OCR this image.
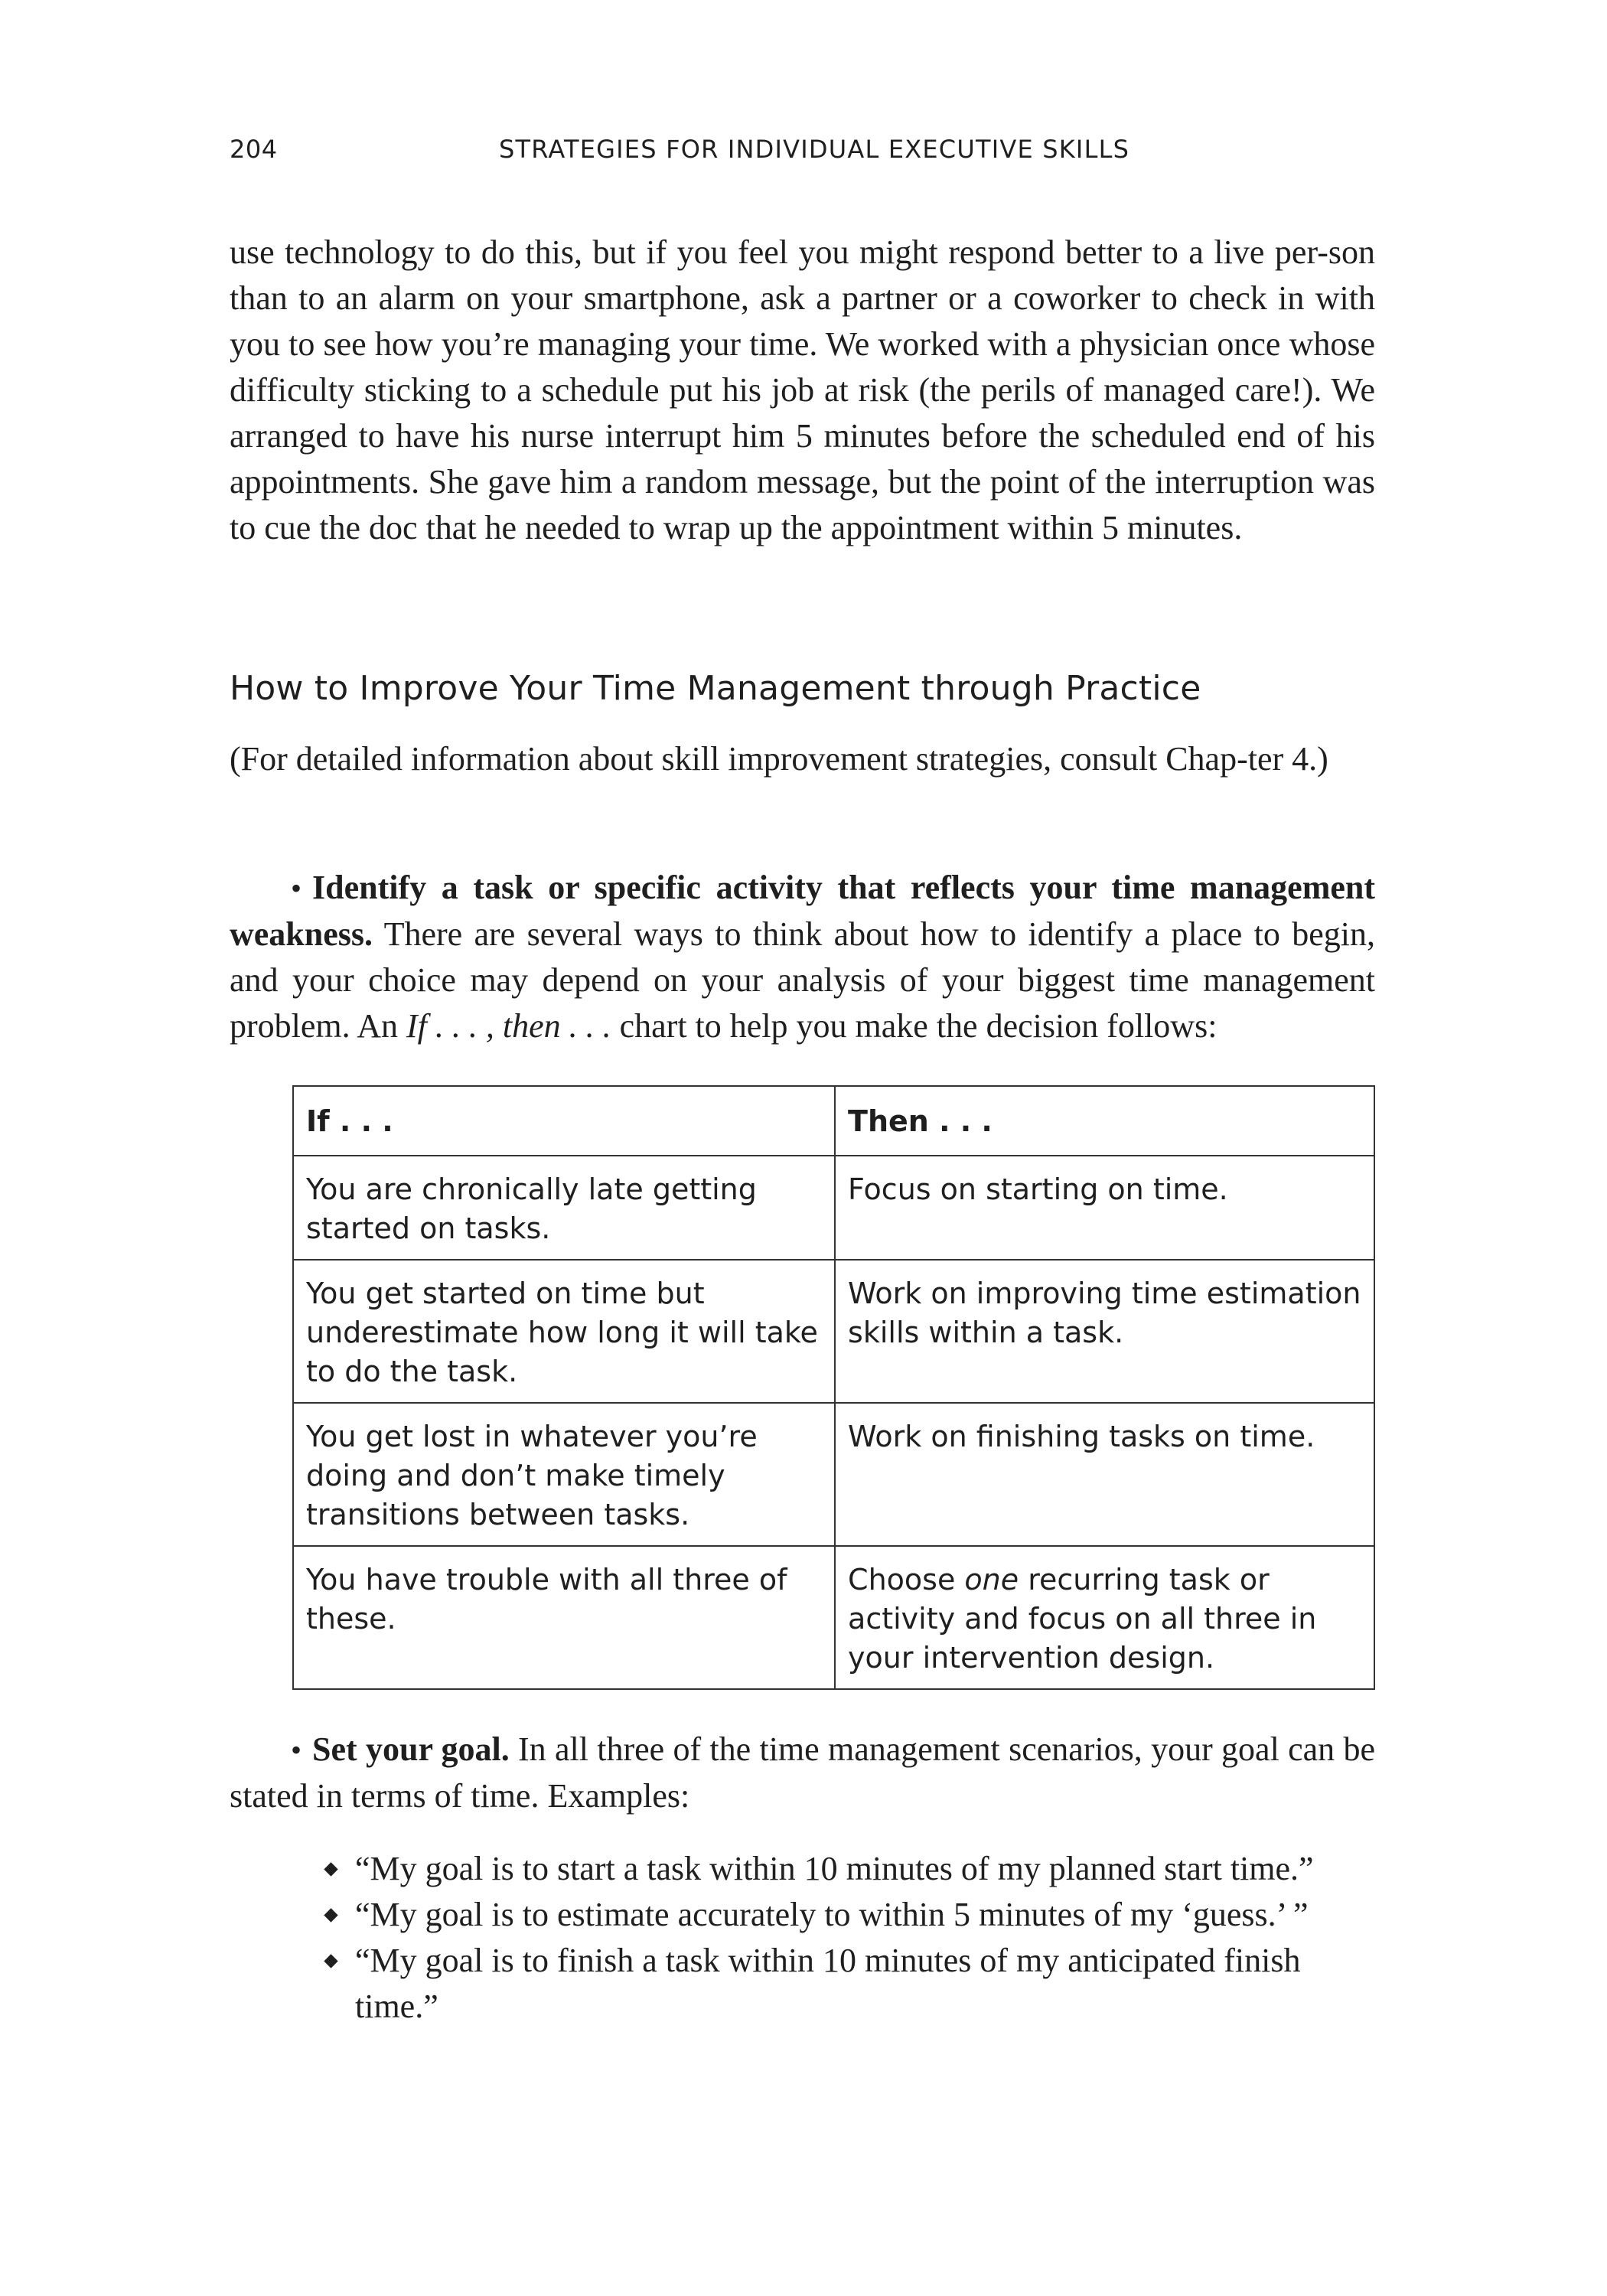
204	STRATEGIES FOR INDIVIDUAL EXECUTIVE SKILLS

use technology to do this, but if you feel you might respond better to a live per-son than to an alarm on your smartphone, ask a partner or a coworker to check in with you to see how you’re managing your time. We worked with a physician once whose difficulty sticking to a schedule put his job at risk (the perils of managed care!). We arranged to have his nurse interrupt him 5 minutes before the scheduled end of his appointments. She gave him a random message, but the point of the interruption was to cue the doc that he needed to wrap up the appointment within 5 minutes.

How to Improve Your Time Management through Practice

(For detailed information about skill improvement strategies, consult Chap-ter 4.)

• Identify a task or specific activity that reflects your time management weakness. There are several ways to think about how to identify a place to begin, and your choice may depend on your analysis of your biggest time management problem. An If . . . , then . . . chart to help you make the decision follows:

If . . .	Then . . .
You are chronically late getting started on tasks.	Focus on starting on time.
You get started on time but underestimate how long it will take to do the task.	Work on improving time estimation skills within a task.
You get lost in whatever you’re doing and don’t make timely transitions between tasks.	Work on finishing tasks on time.
You have trouble with all three of these.	Choose one recurring task or activity and focus on all three in your intervention design.

• Set your goal. In all three of the time management scenarios, your goal can be stated in terms of time. Examples:

“My goal is to start a task within 10 minutes of my planned start time.”
“My goal is to estimate accurately to within 5 minutes of my ‘guess.’ ”
“My goal is to finish a task within 10 minutes of my anticipated finish time.”
